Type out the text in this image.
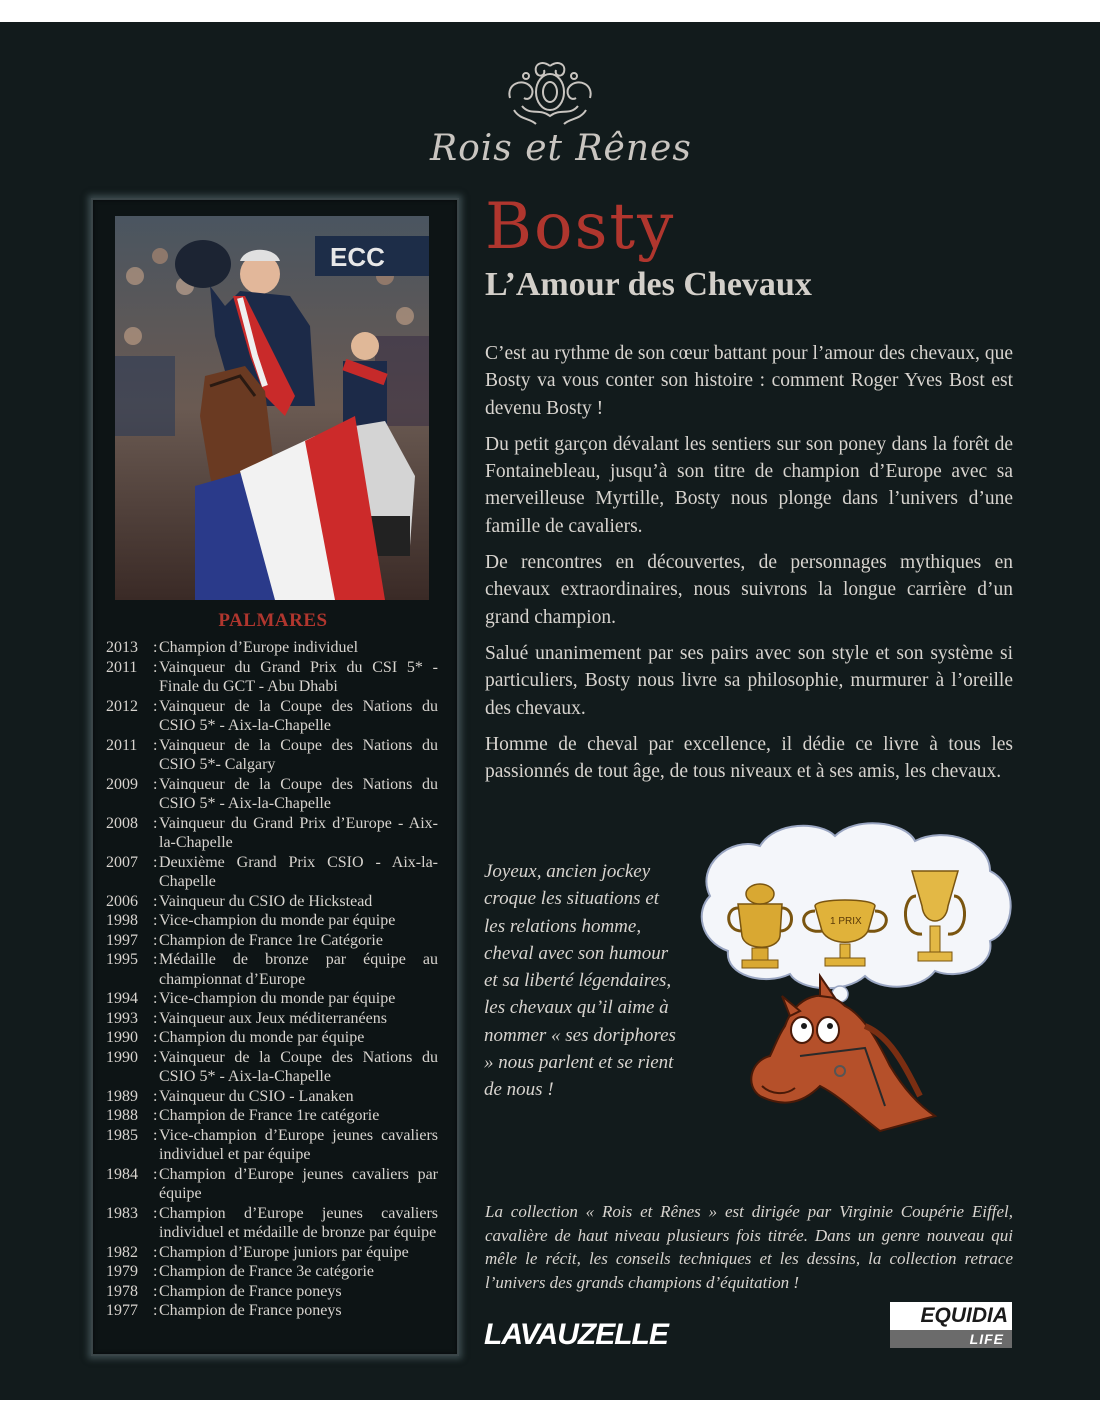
Rois et Rênes
ECC
PALMARES
2013 : Champion d’Europe individuel
2011 : Vainqueur du Grand Prix du CSI 5* - Finale du GCT - Abu Dhabi
2012 : Vainqueur de la Coupe des Nations du CSIO 5* - Aix-la-Chapelle
2011 : Vainqueur de la Coupe des Nations du CSIO 5*- Calgary
2009 : Vainqueur de la Coupe des Nations du CSIO 5* - Aix-la-Chapelle
2008 : Vainqueur du Grand Prix d’Europe - Aix-la-Chapelle
2007 : Deuxième Grand Prix CSIO - Aix-la-Chapelle
2006 : Vainqueur du CSIO de Hickstead
1998 : Vice-champion du monde par équipe
1997 : Champion de France 1re Catégorie
1995 : Médaille de bronze par équipe au championnat d’Europe
1994 : Vice-champion du monde par équipe
1993 : Vainqueur aux Jeux méditerranéens
1990 : Champion du monde par équipe
1990 : Vainqueur de la Coupe des Nations du CSIO 5* - Aix-la-Chapelle
1989 : Vainqueur du CSIO - Lanaken
1988 : Champion de France 1re catégorie
1985 : Vice-champion d’Europe jeunes cavaliers individuel et par équipe
1984 : Champion d’Europe jeunes cavaliers par équipe
1983 : Champion d’Europe jeunes cavaliers individuel et médaille de bronze par équipe
1982 : Champion d’Europe juniors par équipe
1979 : Champion de France 3e catégorie
1978 : Champion de France poneys
1977 : Champion de France poneys
Bosty
L’Amour des Chevaux

C’est au rythme de son cœur battant pour l’amour des chevaux, que Bosty va vous conter son histoire : comment Roger Yves Bost est devenu Bosty !

Du petit garçon dévalant les sentiers sur son poney dans la forêt de Fontainebleau, jusqu’à son titre de champion d’Europe avec sa merveilleuse Myrtille, Bosty nous plonge dans l’univers d’une famille de cavaliers.

De rencontres en découvertes, de personnages mythiques en chevaux extraordinaires, nous suivrons la longue carrière d’un grand champion.

Salué unanimement par ses pairs avec son style et son système si particuliers, Bosty nous livre sa philosophie, murmurer à l’oreille des chevaux.

Homme de cheval par excellence, il dédie ce livre à tous les passionnés de tout âge, de tous niveaux et à ses amis, les chevaux.

Joyeux, ancien jockey croque les situations et les relations homme, cheval avec son humour et sa liberté légendaires, les chevaux qu’il aime à nommer « ses doriphores » nous parlent et se rient de nous !
1 PRIX
La collection « Rois et Rênes » est dirigée par Virginie Coupérie Eiffel, cavalière de haut niveau plusieurs fois titrée. Dans un genre nouveau qui mêle le récit, les conseils techniques et les dessins, la collection retrace l’univers des grands champions d’équitation !
LAVAUZELLE
EQUIDIA
LIFE
